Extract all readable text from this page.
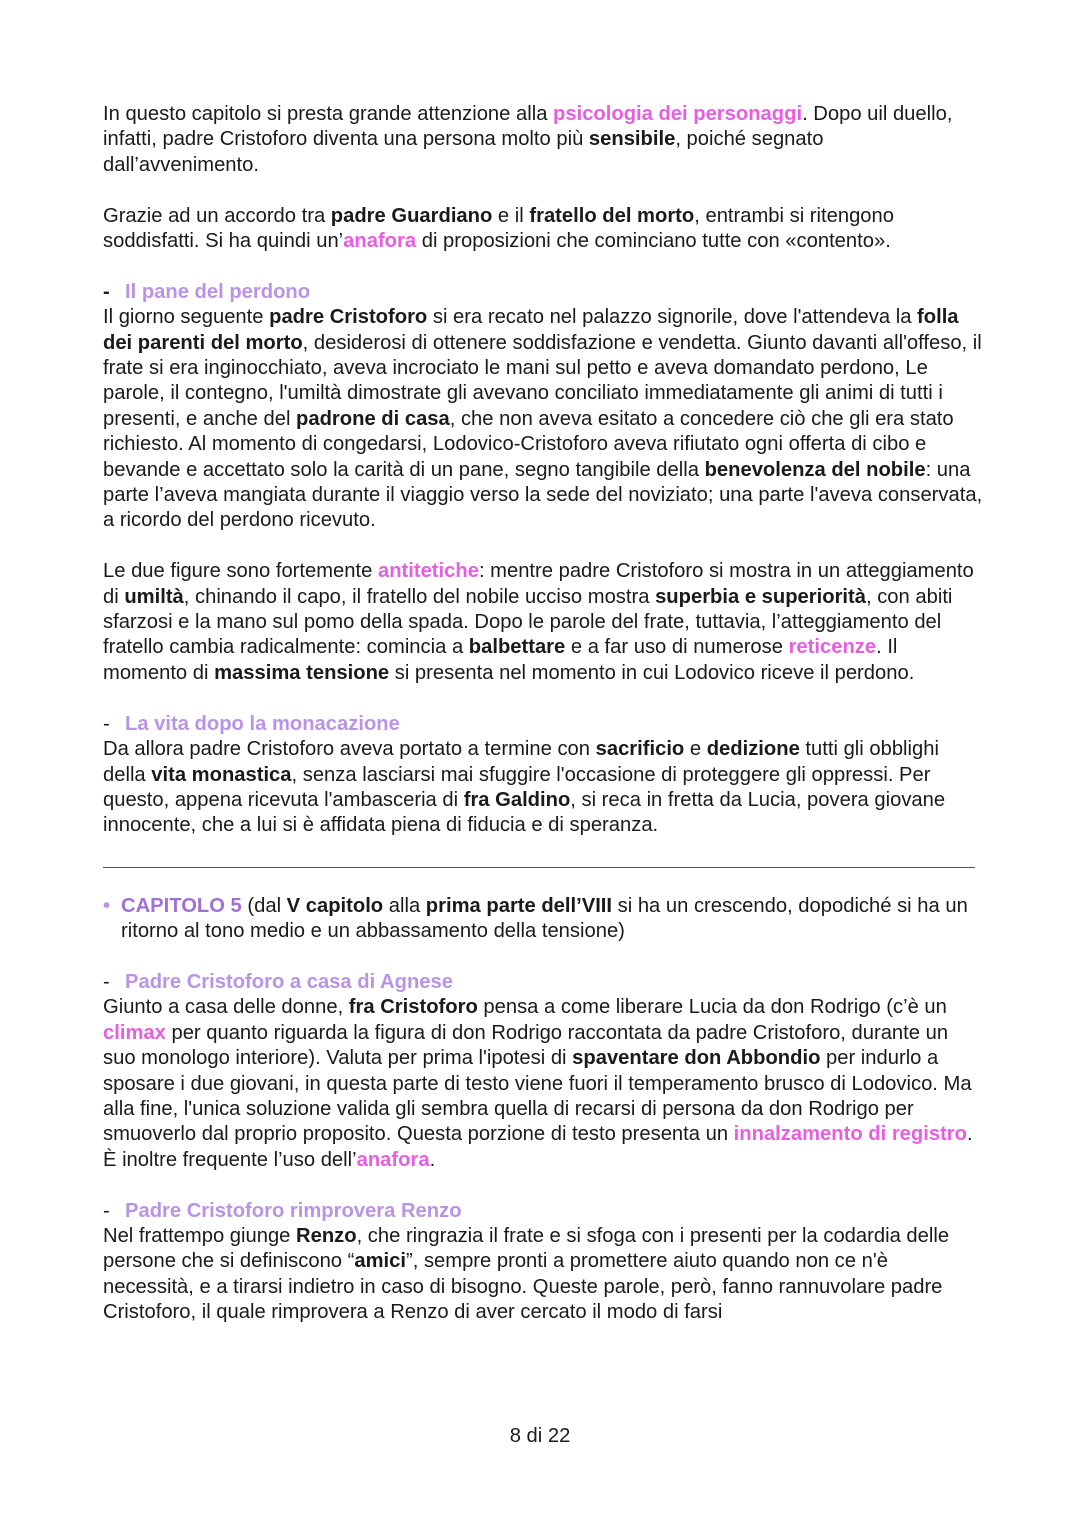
In questo capitolo si presta grande attenzione alla psicologia dei personaggi. Dopo uil duello, infatti, padre Cristoforo diventa una persona molto più sensibile, poiché segnato dall’avvenimento.

Grazie ad un accordo tra padre Guardiano e il fratello del morto, entrambi si ritengono soddisfatti. Si ha quindi un’anafora di proposizioni che cominciano tutte con «contento».

- Il pane del perdono

Il giorno seguente padre Cristoforo si era recato nel palazzo signorile, dove l'attendeva la folla dei parenti del morto, desiderosi di ottenere soddisfazione e vendetta. Giunto davanti all'offeso, il frate si era inginocchiato, aveva incrociato le mani sul petto e aveva domandato perdono, Le parole, il contegno, l'umiltà dimostrate gli avevano conciliato immediatamente gli animi di tutti i presenti, e anche del padrone di casa, che non aveva esitato a concedere ciò che gli era stato richiesto. Al momento di congedarsi, Lodovico-Cristoforo aveva rifiutato ogni offerta di cibo e bevande e accettato solo la carità di un pane, segno tangibile della benevolenza del nobile: una parte l’aveva mangiata durante il viaggio verso la sede del noviziato; una parte l'aveva conservata, a ricordo del perdono ricevuto.

Le due figure sono fortemente antitetiche: mentre padre Cristoforo si mostra in un atteggiamento di umiltà, chinando il capo, il fratello del nobile ucciso mostra superbia e superiorità, con abiti sfarzosi e la mano sul pomo della spada. Dopo le parole del frate, tuttavia, l’atteggiamento del fratello cambia radicalmente: comincia a balbettare e a far uso di numerose reticenze. Il momento di massima tensione si presenta nel momento in cui Lodovico riceve il perdono.

- La vita dopo la monacazione

Da allora padre Cristoforo aveva portato a termine con sacrificio e dedizione tutti gli obblighi della vita monastica, senza lasciarsi mai sfuggire l'occasione di proteggere gli oppressi. Per questo, appena ricevuta l'ambasceria di fra Galdino, si reca in fretta da Lucia, povera giovane innocente, che a lui si è affidata piena di fiducia e di speranza.

• CAPITOLO 5 (dal V capitolo alla prima parte dell’VIII si ha un crescendo, dopodiché si ha un ritorno al tono medio e un abbassamento della tensione)

- Padre Cristoforo a casa di Agnese

Giunto a casa delle donne, fra Cristoforo pensa a come liberare Lucia da don Rodrigo (c’è un climax per quanto riguarda la figura di don Rodrigo raccontata da padre Cristoforo, durante un suo monologo interiore). Valuta per prima l'ipotesi di spaventare don Abbondio per indurlo a sposare i due giovani, in questa parte di testo viene fuori il temperamento brusco di Lodovico. Ma alla fine, l'unica soluzione valida gli sembra quella di recarsi di persona da don Rodrigo per smuoverlo dal proprio proposito. Questa porzione di testo presenta un innalzamento di registro. È inoltre frequente l’uso dell’anafora.

- Padre Cristoforo rimprovera Renzo

Nel frattempo giunge Renzo, che ringrazia il frate e si sfoga con i presenti per la codardia delle persone che si definiscono “amici”, sempre pronti a promettere aiuto quando non ce n'è necessità, e a tirarsi indietro in caso di bisogno. Queste parole, però, fanno rannuvolare padre Cristoforo, il quale rimprovera a Renzo di aver cercato il modo di farsi

8 di 22
